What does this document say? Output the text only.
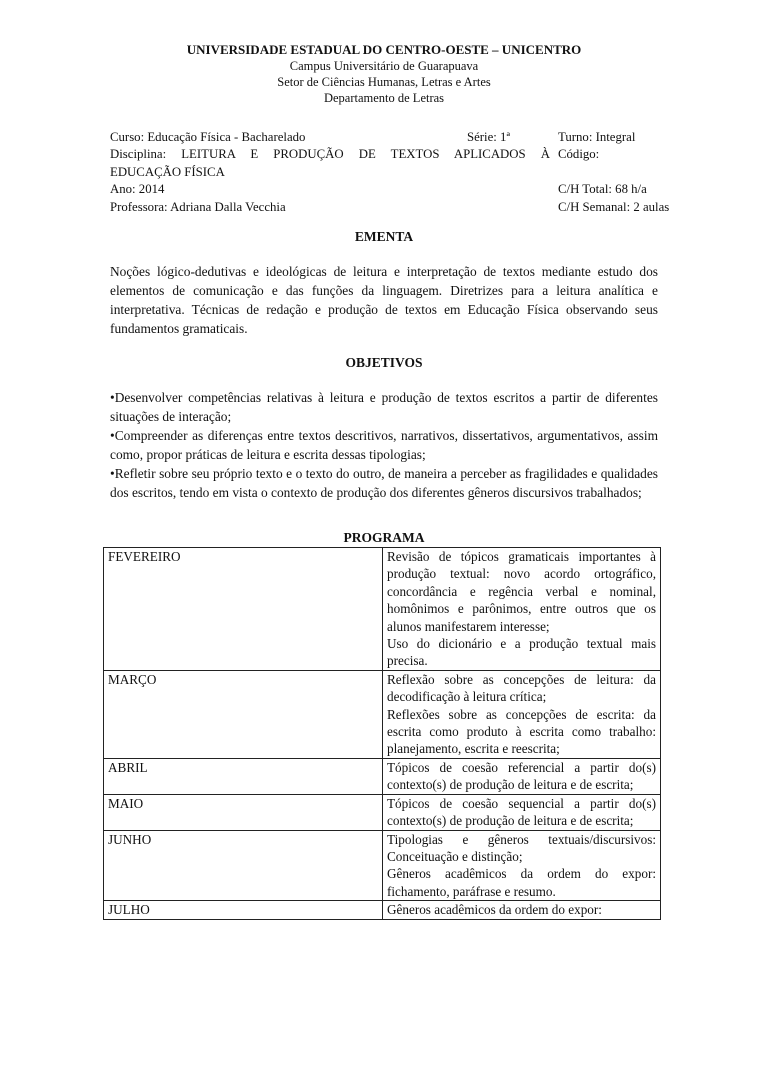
UNIVERSIDADE ESTADUAL DO CENTRO-OESTE – UNICENTRO
Campus Universitário de Guarapuava
Setor de Ciências Humanas, Letras e Artes
Departamento de Letras
Curso: Educação Física - Bacharelado	Série: 1ª	Turno: Integral
Disciplina: LEITURA E PRODUÇÃO DE TEXTOS APLICADOS À Código:
EDUCAÇÃO FÍSICA
Ano: 2014	C/H Total: 68 h/a
Professora: Adriana Dalla Vecchia	C/H Semanal: 2 aulas
EMENTA

Noções lógico-dedutivas e ideológicas de leitura e interpretação de textos mediante estudo dos elementos de comunicação e das funções da linguagem. Diretrizes para a leitura analítica e interpretativa. Técnicas de redação e produção de textos em Educação Física observando seus fundamentos gramaticais.

OBJETIVOS

•Desenvolver competências relativas à leitura e produção de textos escritos a partir de diferentes situações de interação;

•Compreender as diferenças entre textos descritivos, narrativos, dissertativos, argumentativos, assim como, propor práticas de leitura e escrita dessas tipologias;

•Refletir sobre seu próprio texto e o texto do outro, de maneira a perceber as fragilidades e qualidades dos escritos, tendo em vista o contexto de produção dos diferentes gêneros discursivos trabalhados;

PROGRAMA
FEVEREIRO	Revisão de tópicos gramaticais importantes à produção textual: novo acordo ortográfico, concordância e regência verbal e nominal, homônimos e parônimos, entre outros que os alunos manifestarem interesse;

Uso do dicionário e a produção textual mais precisa.

MARÇO	Reflexão sobre as concepções de leitura: da decodificação à leitura crítica;

Reflexões sobre as concepções de escrita: da escrita como produto à escrita como trabalho: planejamento, escrita e reescrita;

ABRIL	Tópicos de coesão referencial a partir do(s) contexto(s) de produção de leitura e de escrita;

MAIO	Tópicos de coesão sequencial a partir do(s) contexto(s) de produção de leitura e de escrita;

JUNHO	Tipologias e gêneros textuais/discursivos: Conceituação e distinção;

Gêneros acadêmicos da ordem do expor: fichamento, paráfrase e resumo.

JULHO	Gêneros acadêmicos da ordem do expor:
